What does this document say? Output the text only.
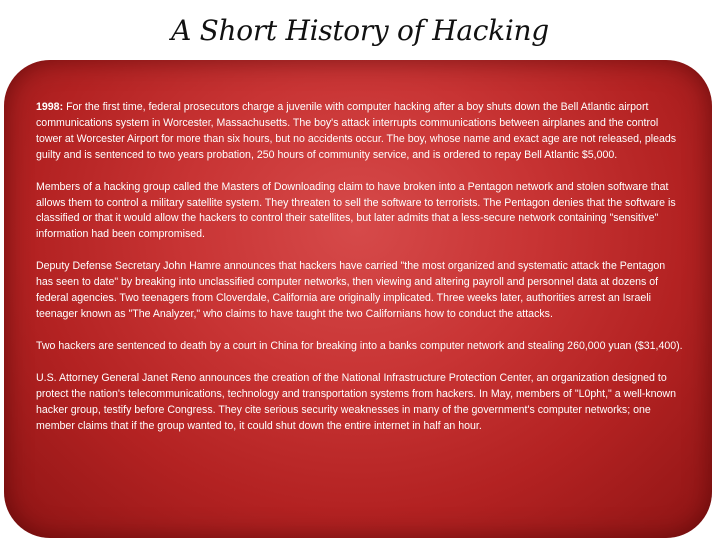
A Short History of Hacking

1998: For the first time, federal prosecutors charge a juvenile with computer hacking after a boy shuts down the Bell Atlantic airport communications system in Worcester, Massachusetts. The boy's attack interrupts communications between airplanes and the control tower at Worcester Airport for more than six hours, but no accidents occur. The boy, whose name and exact age are not released, pleads guilty and is sentenced to two years probation, 250 hours of community service, and is ordered to repay Bell Atlantic $5,000.

Members of a hacking group called the Masters of Downloading claim to have broken into a Pentagon network and stolen software that allows them to control a military satellite system. They threaten to sell the software to terrorists. The Pentagon denies that the software is classified or that it would allow the hackers to control their satellites, but later admits that a less-secure network containing "sensitive" information had been compromised.

Deputy Defense Secretary John Hamre announces that hackers have carried "the most organized and systematic attack the Pentagon has seen to date" by breaking into unclassified computer networks, then viewing and altering payroll and personnel data at dozens of federal agencies. Two teenagers from Cloverdale, California are originally implicated. Three weeks later, authorities arrest an Israeli teenager known as "The Analyzer," who claims to have taught the two Californians how to conduct the attacks.

Two hackers are sentenced to death by a court in China for breaking into a banks computer network and stealing 260,000 yuan ($31,400).

U.S. Attorney General Janet Reno announces the creation of the National Infrastructure Protection Center, an organization designed to protect the nation's telecommunications, technology and transportation systems from hackers. In May, members of "L0pht," a well-known hacker group, testify before Congress. They cite serious security weaknesses in many of the government's computer networks; one member claims that if the group wanted to, it could shut down the entire internet in half an hour.
